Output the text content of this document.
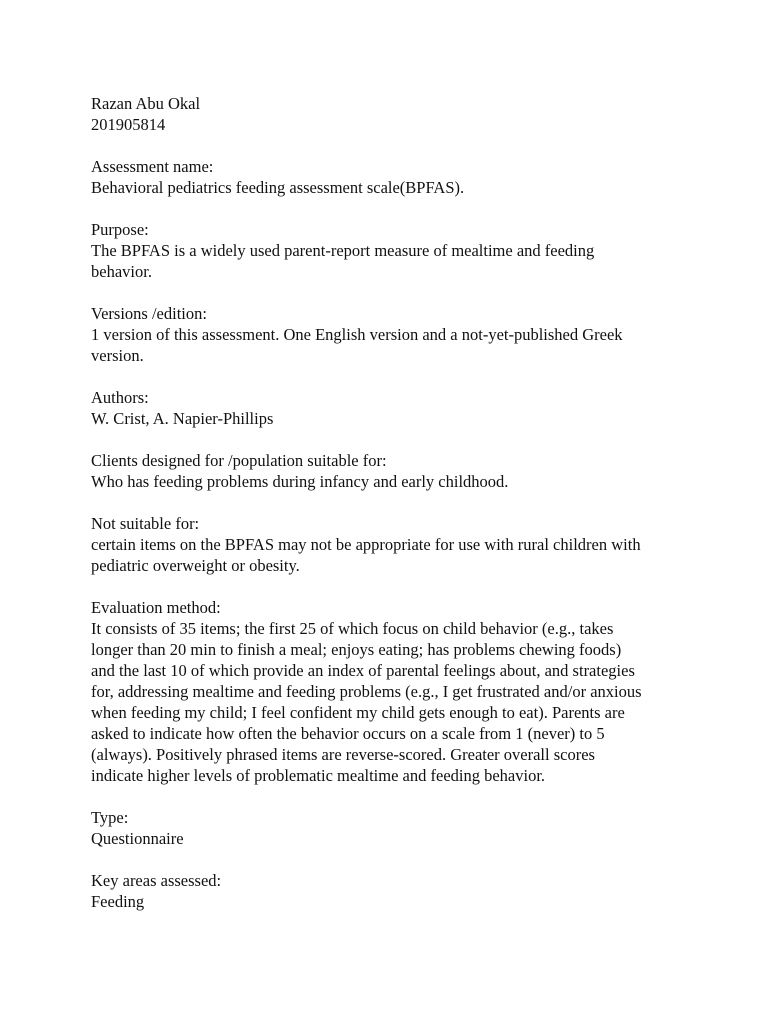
Razan Abu Okal
201905814
Assessment name:
Behavioral pediatrics feeding assessment scale(BPFAS).
Purpose:
The BPFAS is a widely used parent-report measure of mealtime and feeding
behavior.
Versions /edition:
1 version of this assessment. One English version and a not-yet-published Greek
version.
Authors:
W. Crist, A. Napier-Phillips
Clients designed for /population suitable for:
Who has feeding problems during infancy and early childhood.
Not suitable for:
certain items on the BPFAS may not be appropriate for use with rural children with
pediatric overweight or obesity.
Evaluation method:
It consists of 35 items; the first 25 of which focus on child behavior (e.g., takes
longer than 20 min to finish a meal; enjoys eating; has problems chewing foods)
and the last 10 of which provide an index of parental feelings about, and strategies
for, addressing mealtime and feeding problems (e.g., I get frustrated and/or anxious
when feeding my child; I feel confident my child gets enough to eat). Parents are
asked to indicate how often the behavior occurs on a scale from 1 (never) to 5
(always). Positively phrased items are reverse-scored. Greater overall scores
indicate higher levels of problematic mealtime and feeding behavior.
Type:
Questionnaire
Key areas assessed:
Feeding
